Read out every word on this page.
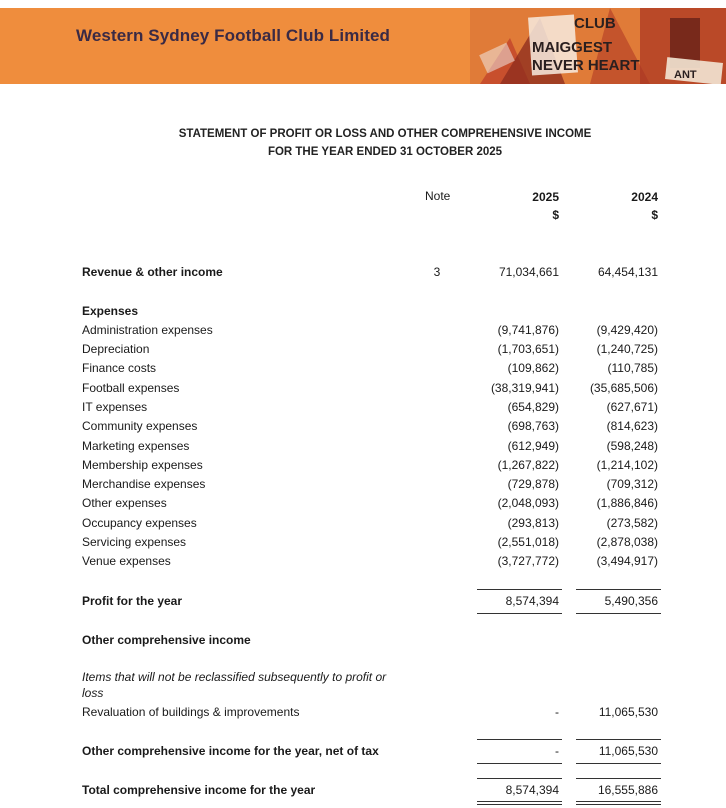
Western Sydney Football Club Limited
CLUB
MAIGGEST
NEVER HEART
ANT
STATEMENT OF PROFIT OR LOSS AND OTHER COMPREHENSIVE INCOME
FOR THE YEAR ENDED 31 OCTOBER 2025
Note	2025	2024
$	$
Revenue & other income	3	71,034,661	64,454,131
Expenses
Administration expenses	(9,741,876)	(9,429,420)
Depreciation	(1,703,651)	(1,240,725)
Finance costs	(109,862)	(110,785)
Football expenses	(38,319,941)	(35,685,506)
IT expenses	(654,829)	(627,671)
Community expenses	(698,763)	(814,623)
Marketing expenses	(612,949)	(598,248)
Membership expenses	(1,267,822)	(1,214,102)
Merchandise expenses	(729,878)	(709,312)
Other expenses	(2,048,093)	(1,886,846)
Occupancy expenses	(293,813)	(273,582)
Servicing expenses	(2,551,018)	(2,878,038)
Venue expenses	(3,727,772)	(3,494,917)
Profit for the year	8,574,394	5,490,356
Other comprehensive income
Items that will not be reclassified subsequently to profit or
loss
Revaluation of buildings & improvements	-	11,065,530
Other comprehensive income for the year, net of tax	-	11,065,530
Total comprehensive income for the year	8,574,394	16,555,886
